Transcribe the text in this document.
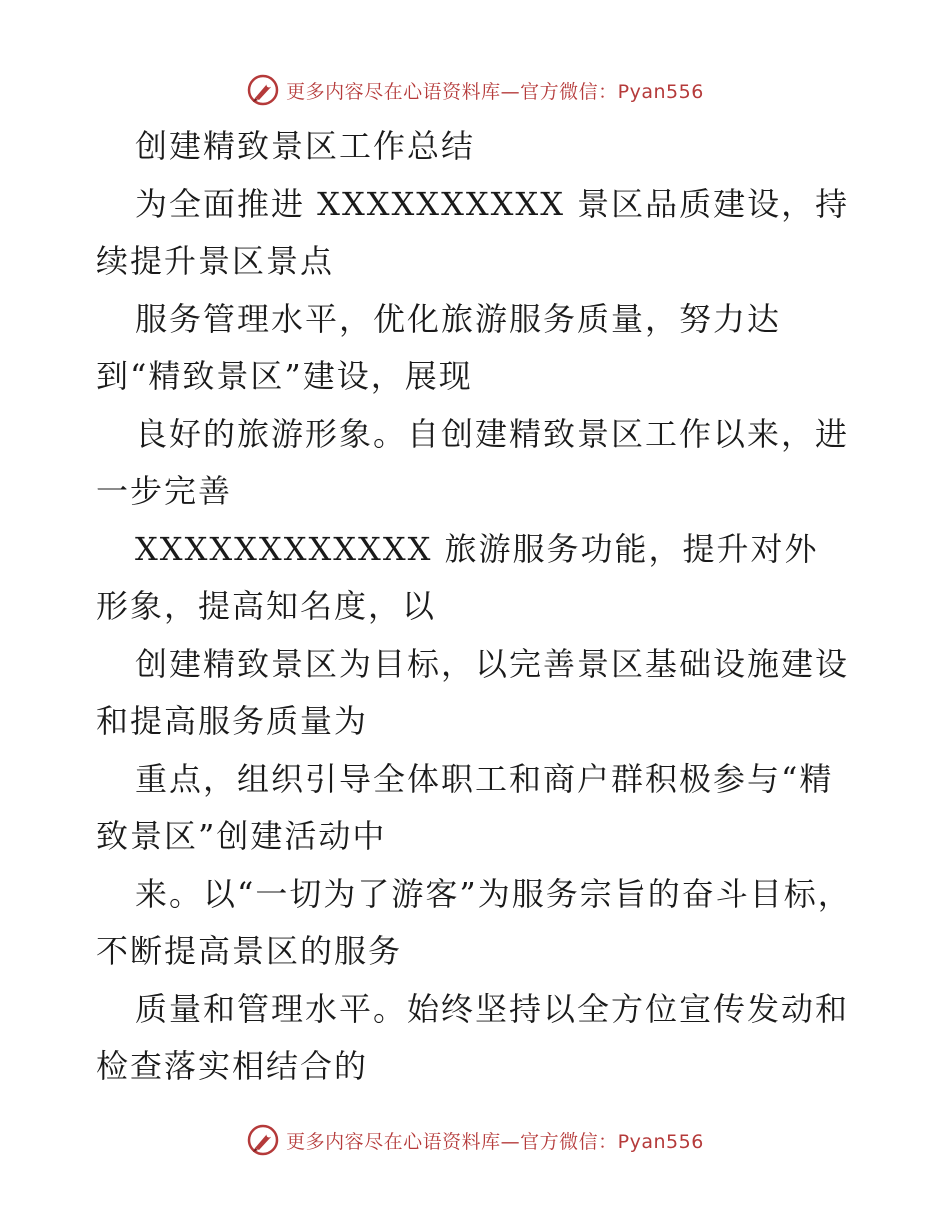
更多内容尽在心语资料库—官方微信：Pyan556

创建精致景区工作总结

为全面推进 XXXXXXXXXX 景区品质建设，持续提升景区景点

服务管理水平，优化旅游服务质量，努力达到“精致景区”建设，展现

良好的旅游形象。自创建精致景区工作以来，进一步完善

XXXXXXXXXXXX 旅游服务功能，提升对外形象，提高知名度，以

创建精致景区为目标，以完善景区基础设施建设和提高服务质量为

重点，组织引导全体职工和商户群积极参与“精致景区”创建活动中

来。以“一切为了游客”为服务宗旨的奋斗目标，不断提高景区的服务

质量和管理水平。始终坚持以全方位宣传发动和检查落实相结合的

更多内容尽在心语资料库—官方微信：Pyan556
